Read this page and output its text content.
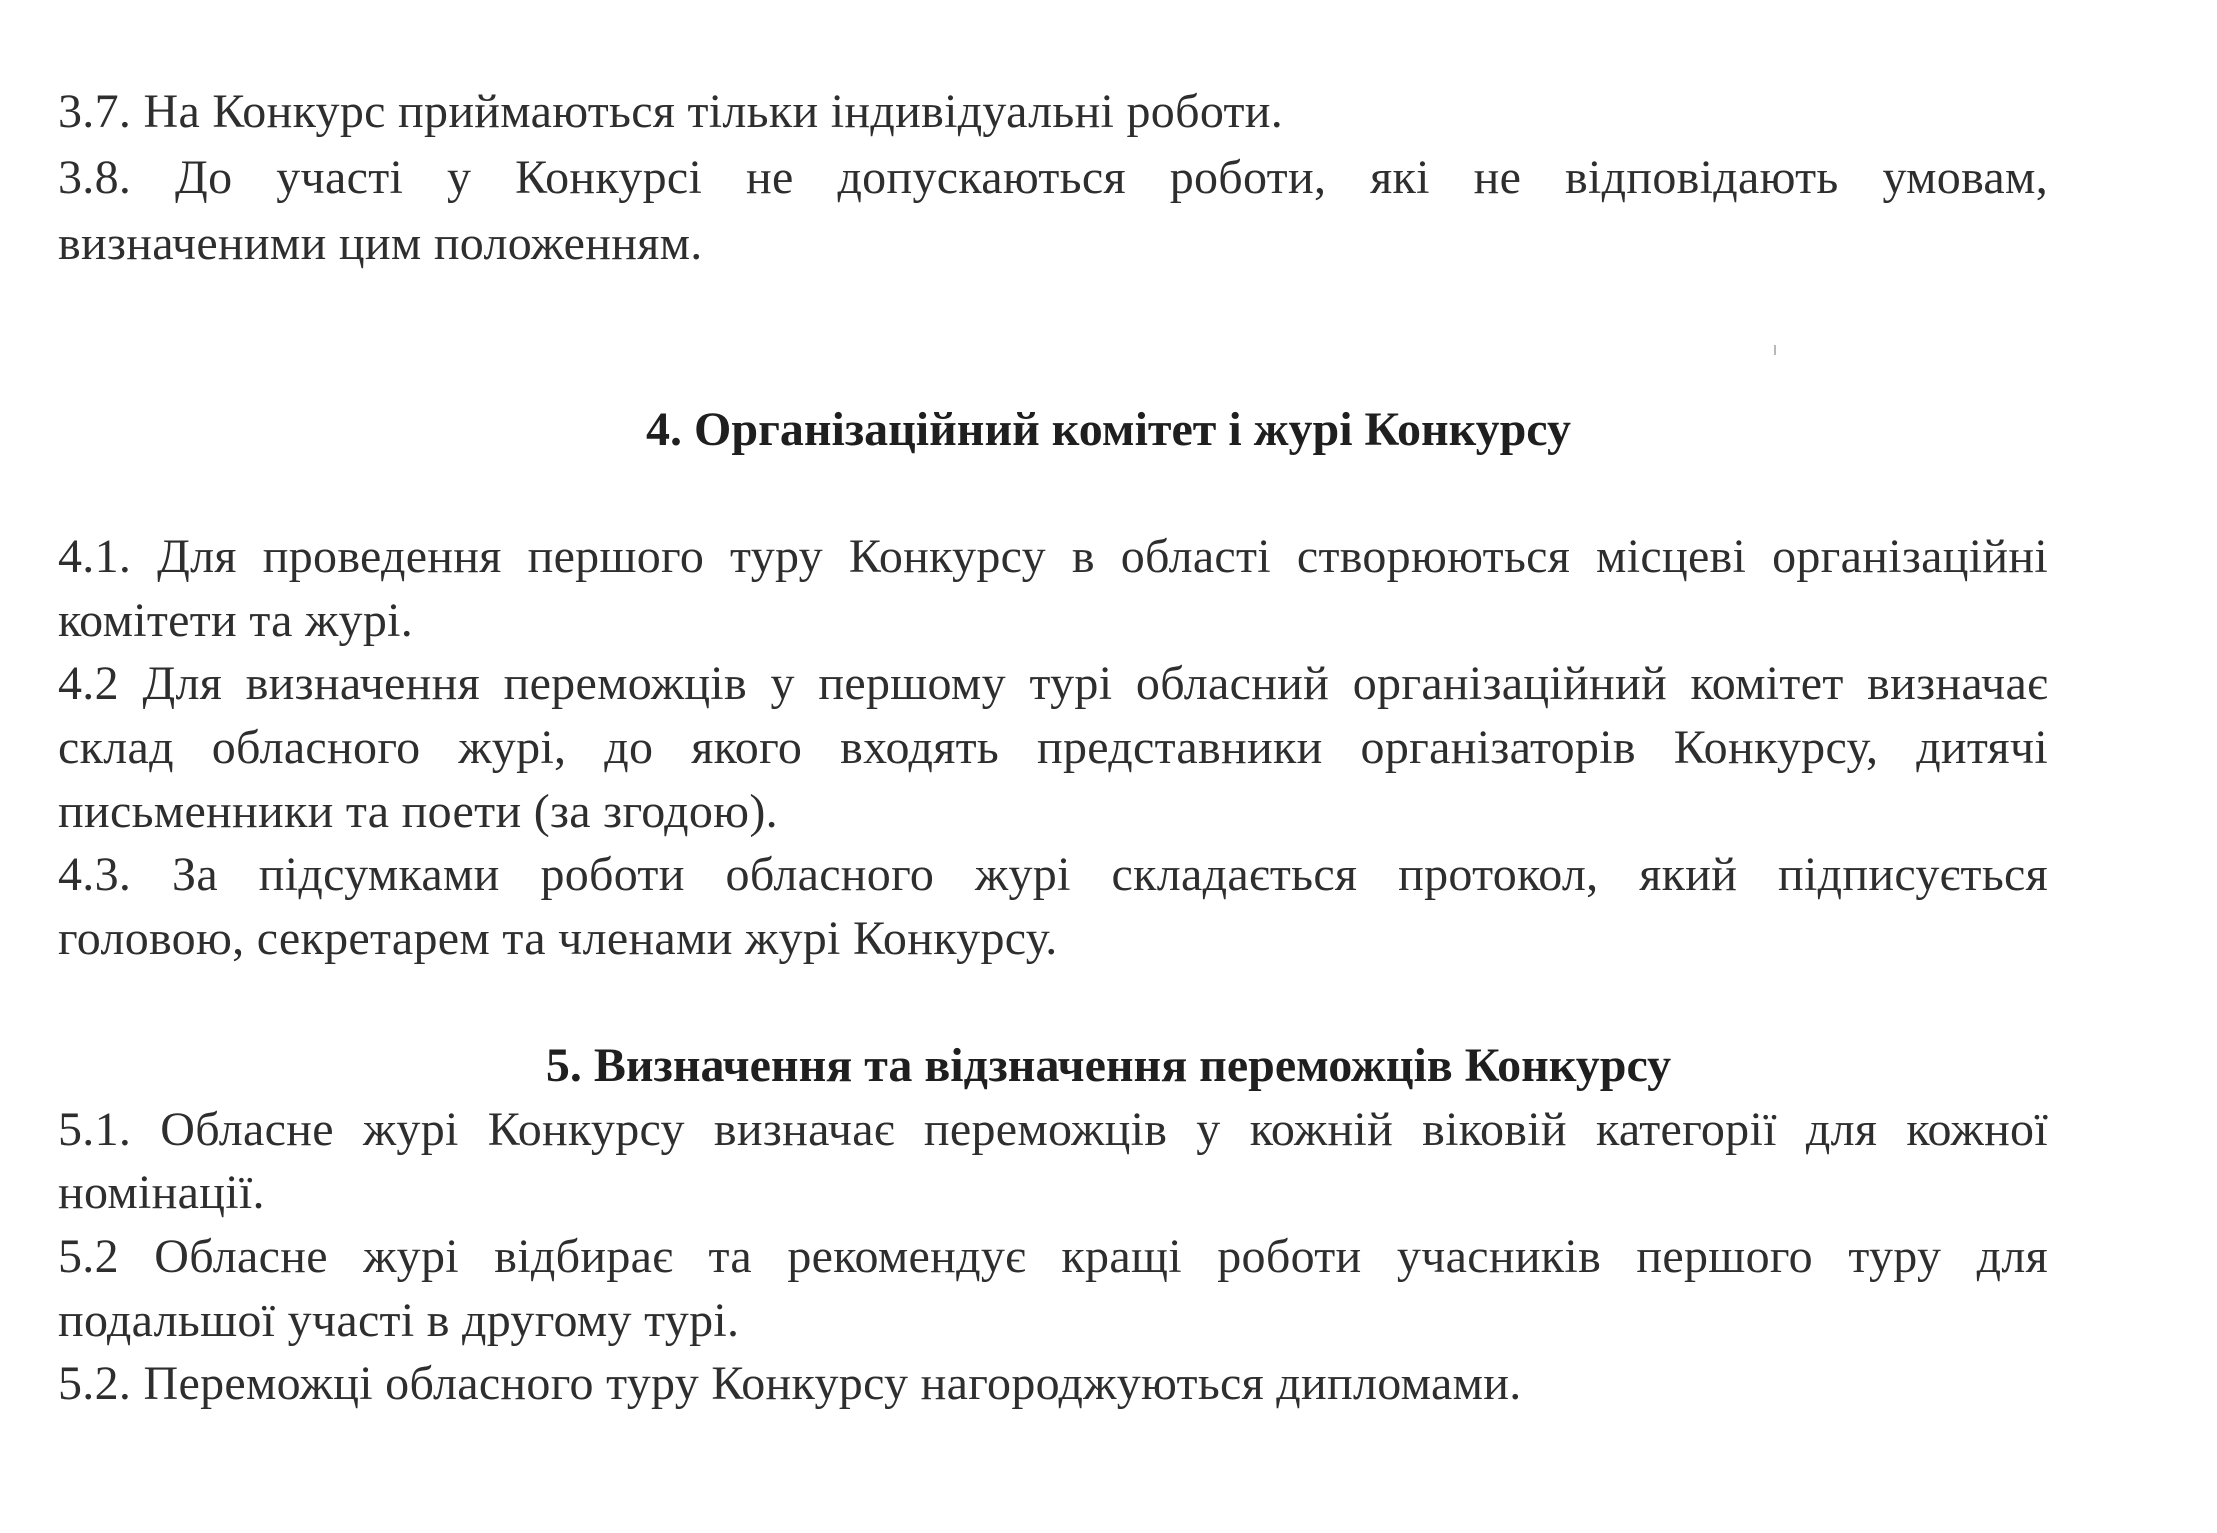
3.7. На Конкурс приймаються тільки індивідуальні роботи.

3.8. До участі у Конкурсі не допускаються роботи, які не відповідають умовам,

визначеними цим положенням.

4. Організаційний комітет і журі Конкурсу

4.1. Для проведення першого туру Конкурсу в області створюються місцеві організаційні

комітети та журі.

4.2 Для визначення переможців у першому турі обласний організаційний комітет визначає

склад обласного журі, до якого входять представники організаторів Конкурсу, дитячі

письменники та поети (за згодою).

4.3. За підсумками роботи обласного журі складається протокол, який підписується

головою, секретарем та членами журі Конкурсу.

5. Визначення та відзначення переможців Конкурсу

5.1. Обласне журі Конкурсу визначає переможців у кожній віковій категорії для кожної

номінації.

5.2 Обласне журі відбирає та рекомендує кращі роботи учасників першого туру для

подальшої участі в другому турі.

5.2. Переможці обласного туру Конкурсу нагороджуються дипломами.
